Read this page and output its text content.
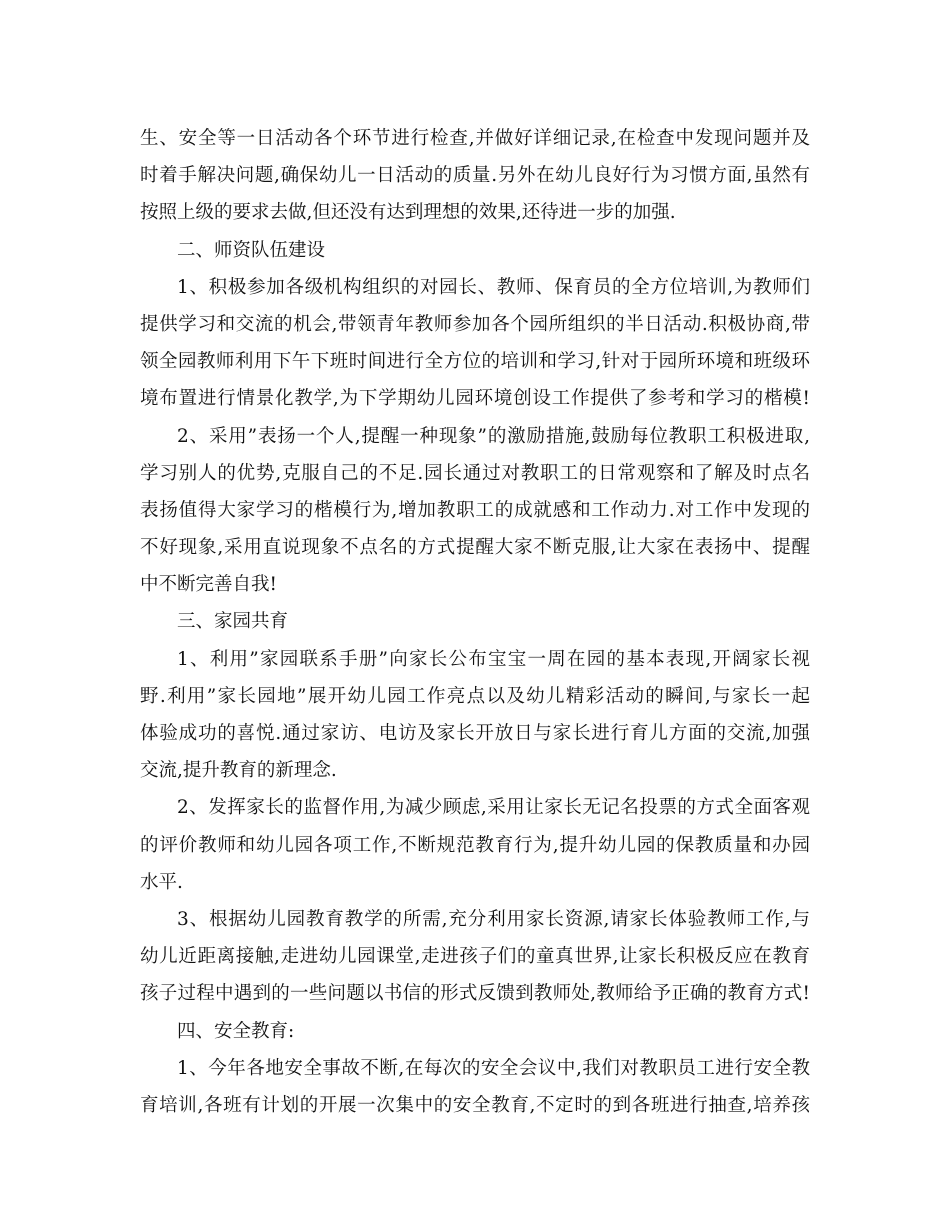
生、安全等一日活动各个环节进行检查,并做好详细记录,在检查中发现问题并及
时着手解决问题,确保幼儿一日活动的质量.另外在幼儿良好行为习惯方面,虽然有
按照上级的要求去做,但还没有达到理想的效果,还待进一步的加强.
二、师资队伍建设
1、积极参加各级机构组织的对园长、教师、保育员的全方位培训,为教师们
提供学习和交流的机会,带领青年教师参加各个园所组织的半日活动.积极协商,带
领全园教师利用下午下班时间进行全方位的培训和学习,针对于园所环境和班级环
境布置进行情景化教学,为下学期幼儿园环境创设工作提供了参考和学习的楷模!
2、采用”表扬一个人,提醒一种现象”的激励措施,鼓励每位教职工积极进取,
学习别人的优势,克服自己的不足.园长通过对教职工的日常观察和了解及时点名
表扬值得大家学习的楷模行为,增加教职工的成就感和工作动力.对工作中发现的
不好现象,采用直说现象不点名的方式提醒大家不断克服,让大家在表扬中、提醒
中不断完善自我!
三、家园共育
1、利用”家园联系手册”向家长公布宝宝一周在园的基本表现,开阔家长视
野.利用”家长园地”展开幼儿园工作亮点以及幼儿精彩活动的瞬间,与家长一起
体验成功的喜悦.通过家访、电访及家长开放日与家长进行育儿方面的交流,加强
交流,提升教育的新理念.
2、发挥家长的监督作用,为减少顾虑,采用让家长无记名投票的方式全面客观
的评价教师和幼儿园各项工作,不断规范教育行为,提升幼儿园的保教质量和办园
水平.
3、根据幼儿园教育教学的所需,充分利用家长资源,请家长体验教师工作,与
幼儿近距离接触,走进幼儿园课堂,走进孩子们的童真世界,让家长积极反应在教育
孩子过程中遇到的一些问题以书信的形式反馈到教师处,教师给予正确的教育方式!
四、安全教育:
1、今年各地安全事故不断,在每次的安全会议中,我们对教职员工进行安全教
育培训,各班有计划的开展一次集中的安全教育,不定时的到各班进行抽查,培养孩
